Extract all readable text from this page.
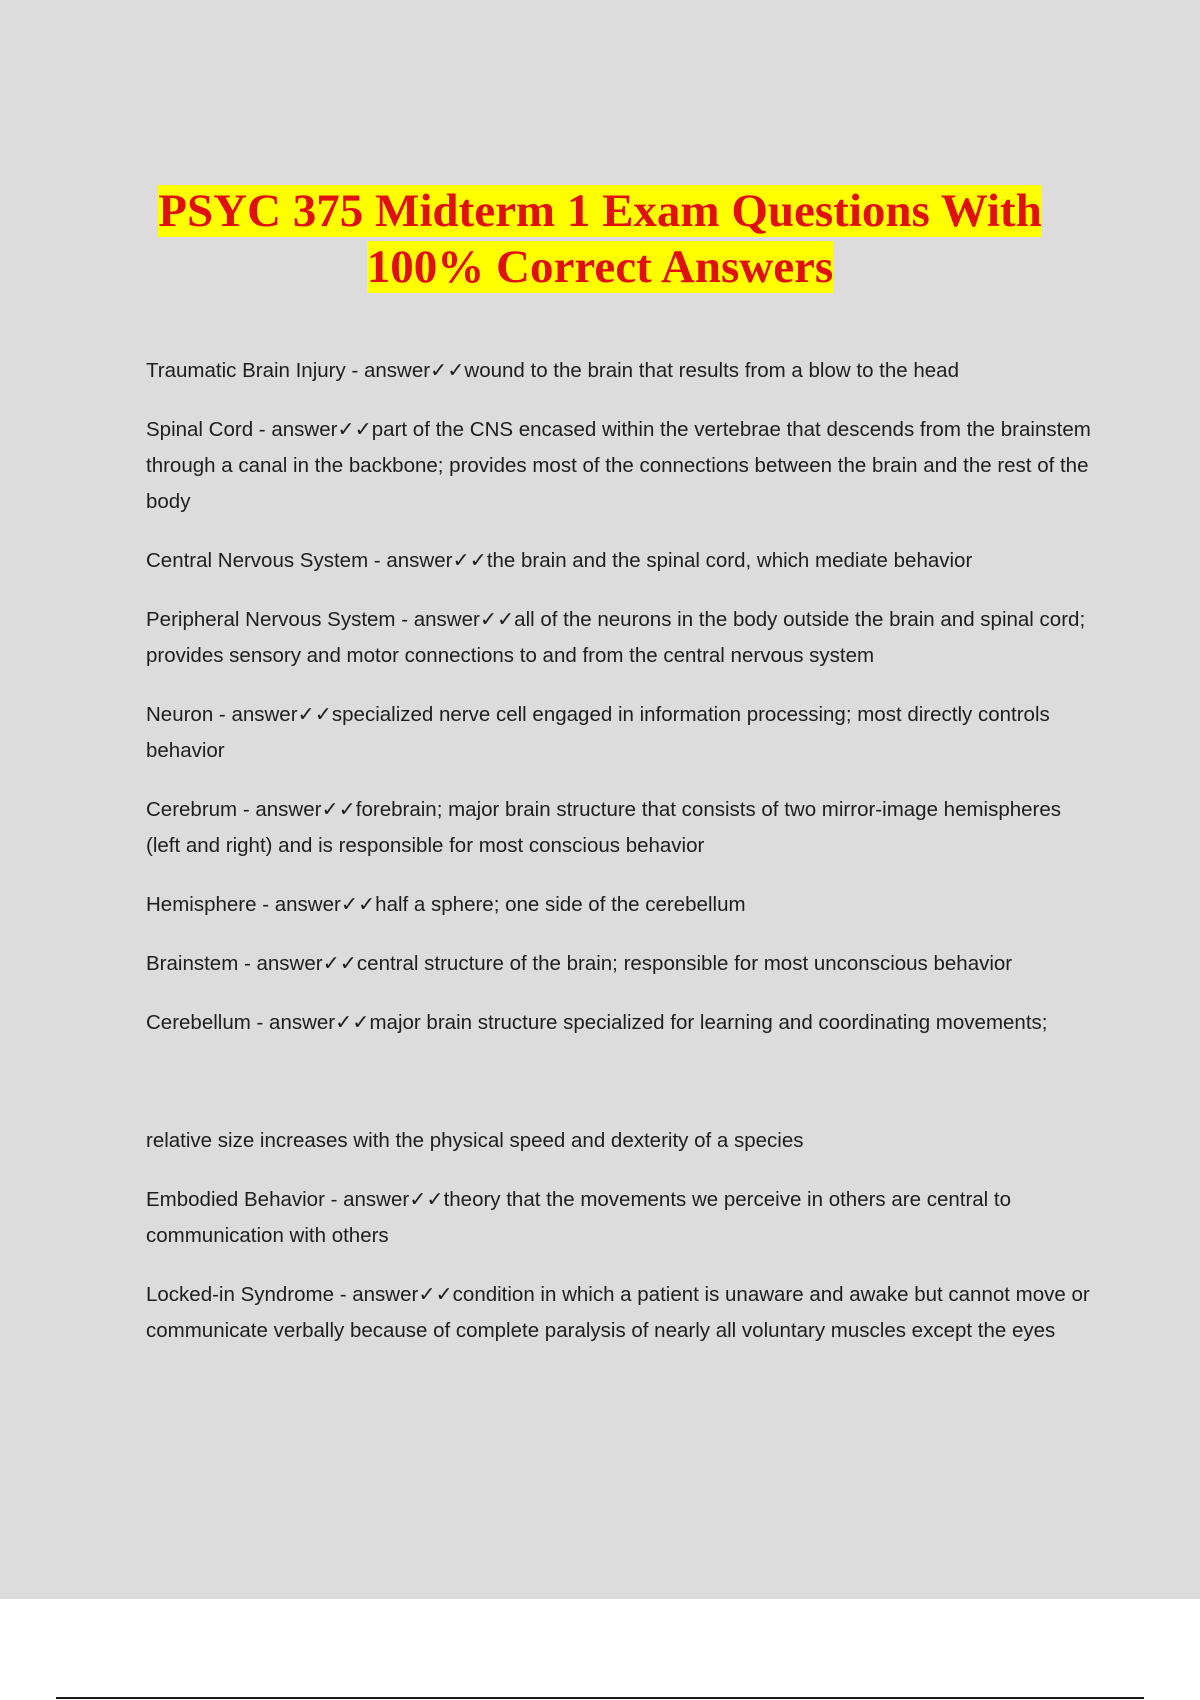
PSYC 375 Midterm 1 Exam Questions With
100% Correct Answers

Traumatic Brain Injury - answer✓✓wound to the brain that results from a blow to the head

Spinal Cord - answer✓✓part of the CNS encased within the vertebrae that descends from the brainstem through a canal in the backbone; provides most of the connections between the brain and the rest of the body

Central Nervous System - answer✓✓the brain and the spinal cord, which mediate behavior

Peripheral Nervous System - answer✓✓all of the neurons in the body outside the brain and spinal cord; provides sensory and motor connections to and from the central nervous system

Neuron - answer✓✓specialized nerve cell engaged in information processing; most directly controls behavior

Cerebrum - answer✓✓forebrain; major brain structure that consists of two mirror-image hemispheres (left and right) and is responsible for most conscious behavior

Hemisphere - answer✓✓half a sphere; one side of the cerebellum

Brainstem - answer✓✓central structure of the brain; responsible for most unconscious behavior

Cerebellum - answer✓✓major brain structure specialized for learning and coordinating movements;

relative size increases with the physical speed and dexterity of a species

Embodied Behavior - answer✓✓theory that the movements we perceive in others are central to communication with others

Locked-in Syndrome - answer✓✓condition in which a patient is unaware and awake but cannot move or communicate verbally because of complete paralysis of nearly all voluntary muscles except the eyes
